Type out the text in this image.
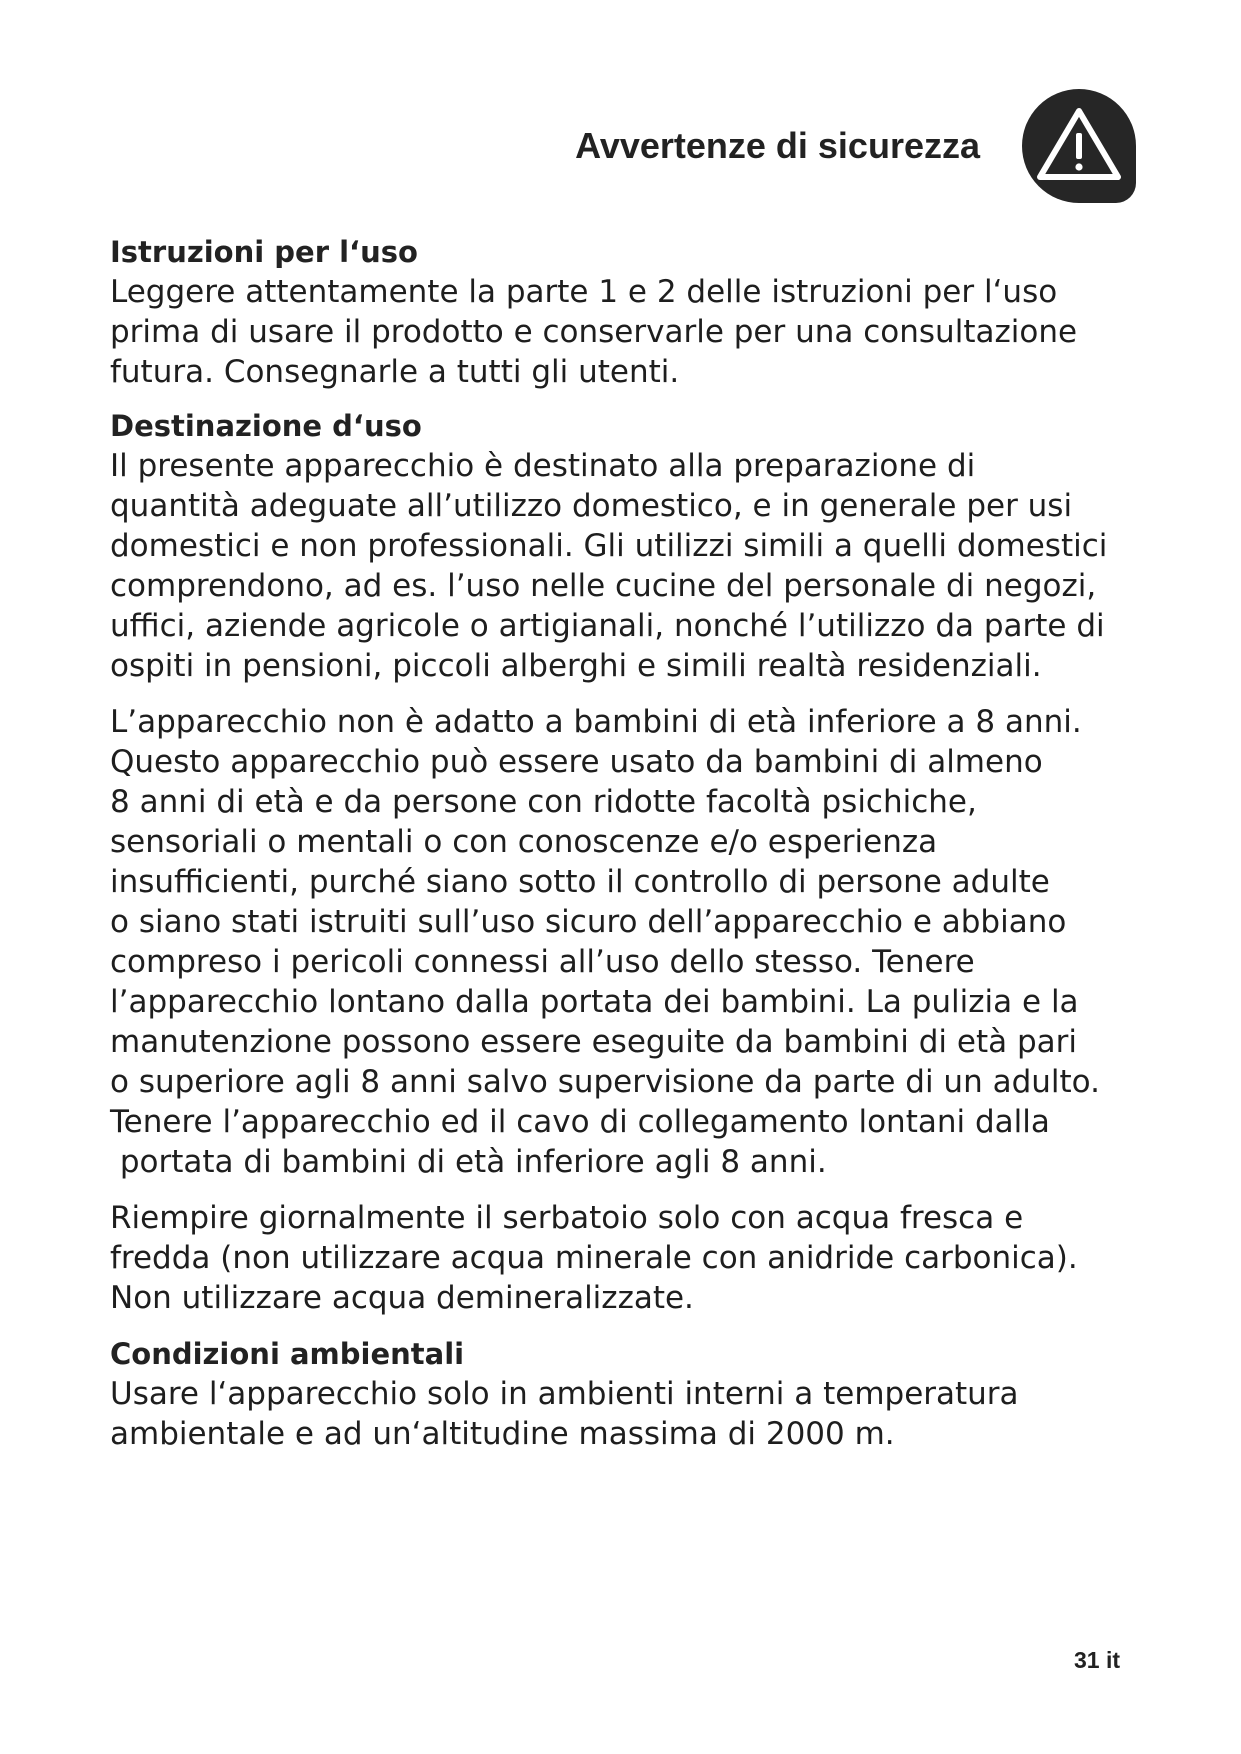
Avvertenze di sicurezza
Istruzioni per l‘uso

Leggere attentamente la parte 1 e 2 delle istruzioni per l‘uso
prima di usare il prodotto e conservarle per una consultazione
futura. Consegnarle a tutti gli utenti.

Destinazione d‘uso

Il presente apparecchio è destinato alla preparazione di
quantità adeguate all’utilizzo domestico, e in generale per usi
domestici e non professionali. Gli utilizzi simili a quelli domestici
comprendono, ad es. l’uso nelle cucine del personale di negozi,
uffici, aziende agricole o artigianali, nonché l’utilizzo da parte di
ospiti in pensioni, piccoli alberghi e simili realtà residenziali.

L’apparecchio non è adatto a bambini di età inferiore a 8 anni.
Questo apparecchio può essere usato da bambini di almeno
8 anni di età e da persone con ridotte facoltà psichiche,
sensoriali o mentali o con conoscenze e/o esperienza
insufficienti, purché siano sotto il controllo di persone adulte
o siano stati istruiti sull’uso sicuro dell’apparecchio e abbiano
compreso i pericoli connessi all’uso dello stesso. Tenere
l’apparecchio lontano dalla portata dei bambini. La pulizia e la
manutenzione possono essere eseguite da bambini di età pari
o superiore agli 8 anni salvo supervisione da parte di un adulto.
Tenere l’apparecchio ed il cavo di collegamento lontani dalla
portata di bambini di età inferiore agli 8 anni.

Riempire giornalmente il serbatoio solo con acqua fresca e
fredda (non utilizzare acqua minerale con anidride carbonica).
Non utilizzare acqua demineralizzate.

Condizioni ambientali

Usare l‘apparecchio solo in ambienti interni a temperatura
ambientale e ad un‘altitudine massima di 2000 m.

31 it
